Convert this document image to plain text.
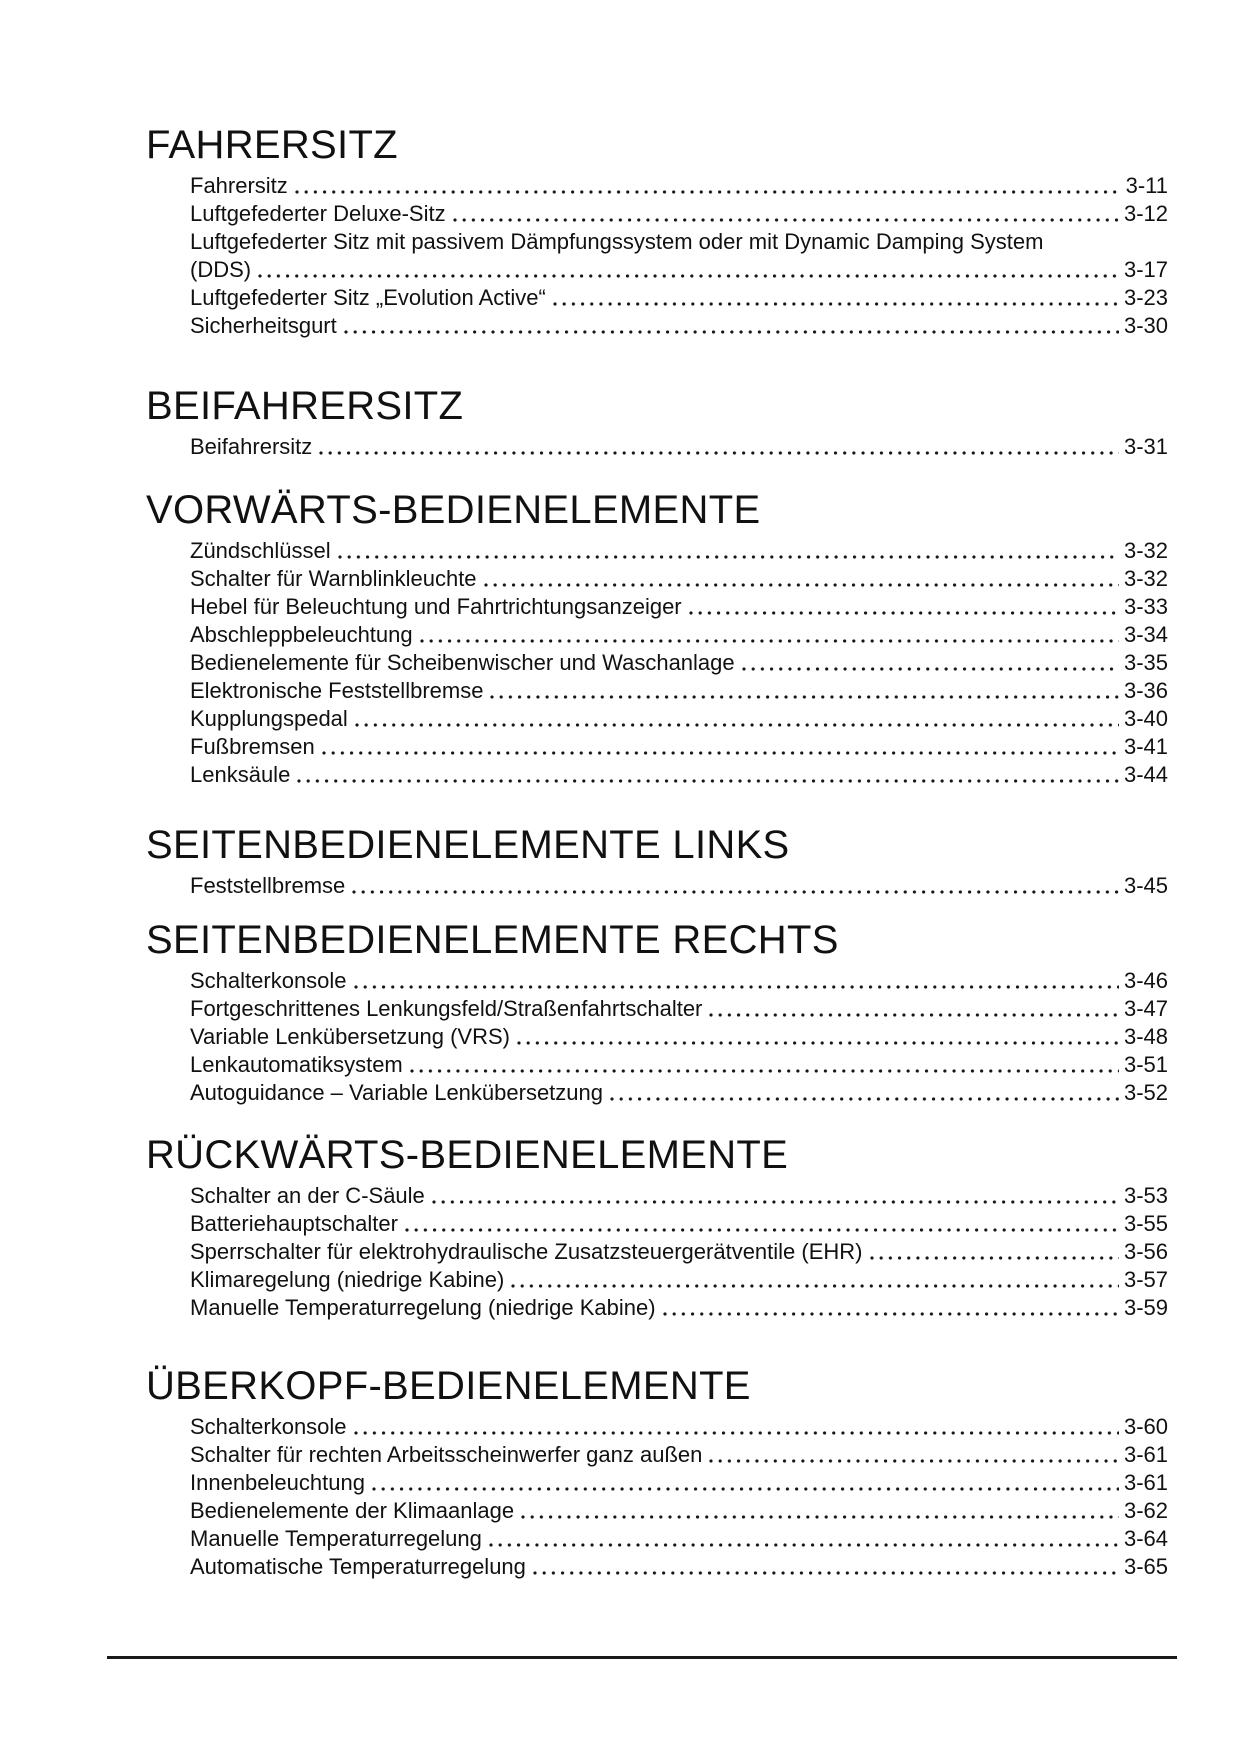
FAHRERSITZ
Fahrersitz	3-11
Luftgefederter Deluxe-Sitz	3-12
Luftgefederter Sitz mit passivem Dämpfungssystem oder mit Dynamic Damping System
(DDS)	3-17
Luftgefederter Sitz „Evolution Active“	3-23
Sicherheitsgurt	3-30
BEIFAHRERSITZ
Beifahrersitz	3-31
VORWÄRTS-BEDIENELEMENTE
Zündschlüssel	3-32
Schalter für Warnblinkleuchte	3-32
Hebel für Beleuchtung und Fahrtrichtungsanzeiger	3-33
Abschleppbeleuchtung	3-34
Bedienelemente für Scheibenwischer und Waschanlage	3-35
Elektronische Feststellbremse	3-36
Kupplungspedal	3-40
Fußbremsen	3-41
Lenksäule	3-44
SEITENBEDIENELEMENTE LINKS
Feststellbremse	3-45
SEITENBEDIENELEMENTE RECHTS
Schalterkonsole	3-46
Fortgeschrittenes Lenkungsfeld/Straßenfahrtschalter	3-47
Variable Lenkübersetzung (VRS)	3-48
Lenkautomatiksystem	3-51
Autoguidance – Variable Lenkübersetzung	3-52
RÜCKWÄRTS-BEDIENELEMENTE
Schalter an der C-Säule	3-53
Batteriehauptschalter	3-55
Sperrschalter für elektrohydraulische Zusatzsteuergerätventile (EHR)	3-56
Klimaregelung (niedrige Kabine)	3-57
Manuelle Temperaturregelung (niedrige Kabine)	3-59
ÜBERKOPF-BEDIENELEMENTE
Schalterkonsole	3-60
Schalter für rechten Arbeitsscheinwerfer ganz außen	3-61
Innenbeleuchtung	3-61
Bedienelemente der Klimaanlage	3-62
Manuelle Temperaturregelung	3-64
Automatische Temperaturregelung	3-65
